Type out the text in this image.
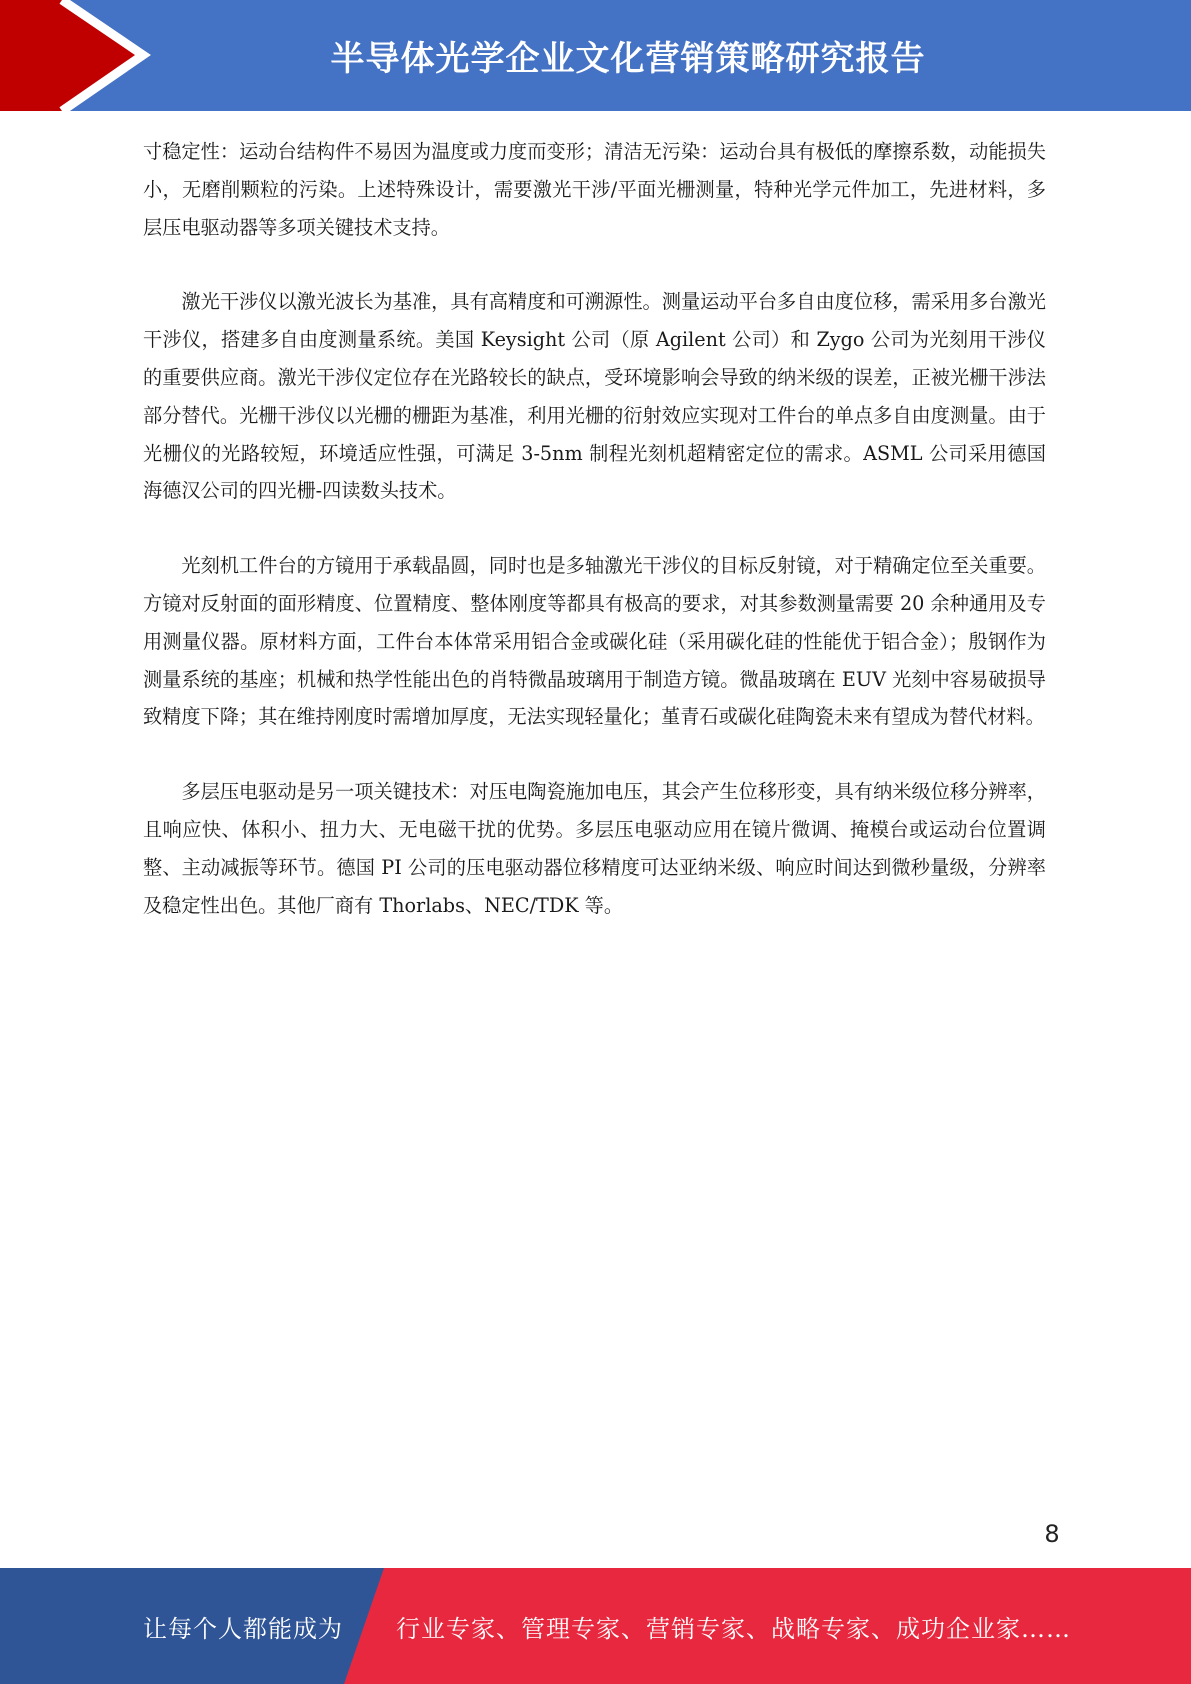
半导体光学企业文化营销策略研究报告

寸稳定性：运动台结构件不易因为温度或力度而变形；清洁无污染：运动台具有极低的摩擦系数，动能损失小，无磨削颗粒的污染。上述特殊设计，需要激光干涉/平面光栅测量，特种光学元件加工，先进材料，多层压电驱动器等多项关键技术支持。

激光干涉仪以激光波长为基准，具有高精度和可溯源性。测量运动平台多自由度位移，需采用多台激光干涉仪，搭建多自由度测量系统。美国 Keysight 公司（原 Agilent 公司）和 Zygo 公司为光刻用干涉仪的重要供应商。激光干涉仪定位存在光路较长的缺点，受环境影响会导致的纳米级的误差，正被光栅干涉法部分替代。光栅干涉仪以光栅的栅距为基准，利用光栅的衍射效应实现对工件台的单点多自由度测量。由于光栅仪的光路较短，环境适应性强，可满足 3-5nm 制程光刻机超精密定位的需求。ASML 公司采用德国海德汉公司的四光栅-四读数头技术。

光刻机工件台的方镜用于承载晶圆，同时也是多轴激光干涉仪的目标反射镜，对于精确定位至关重要。方镜对反射面的面形精度、位置精度、整体刚度等都具有极高的要求，对其参数测量需要 20 余种通用及专用测量仪器。原材料方面，工件台本体常采用铝合金或碳化硅（采用碳化硅的性能优于铝合金）；殷钢作为测量系统的基座；机械和热学性能出色的肖特微晶玻璃用于制造方镜。微晶玻璃在 EUV 光刻中容易破损导致精度下降；其在维持刚度时需增加厚度，无法实现轻量化；堇青石或碳化硅陶瓷未来有望成为替代材料。

多层压电驱动是另一项关键技术：对压电陶瓷施加电压，其会产生位移形变，具有纳米级位移分辨率，且响应快、体积小、扭力大、无电磁干扰的优势。多层压电驱动应用在镜片微调、掩模台或运动台位置调整、主动减振等环节。德国 PI 公司的压电驱动器位移精度可达亚纳米级、响应时间达到微秒量级，分辨率及稳定性出色。其他厂商有 Thorlabs、NEC/TDK 等。

8
让每个人都能成为 行业专家、管理专家、营销专家、战略专家、成功企业家……
